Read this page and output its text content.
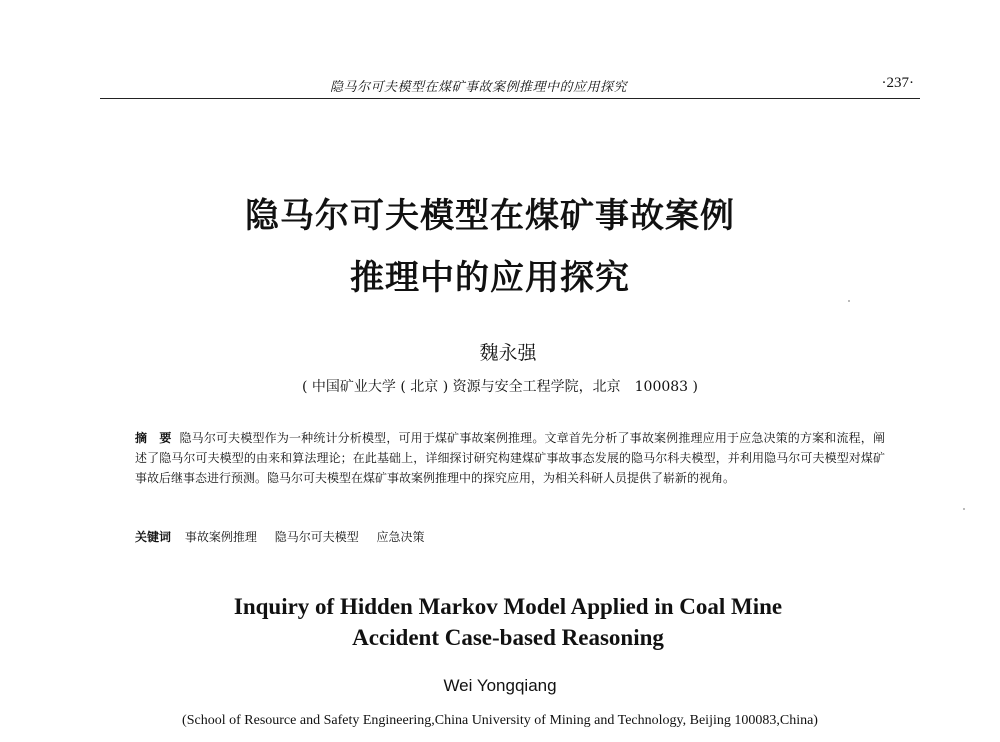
隐马尔可夫模型在煤矿事故案例推理中的应用探究	·237·
隐马尔可夫模型在煤矿事故案例
推理中的应用探究
魏永强
( 中国矿业大学 ( 北京 ) 资源与安全工程学院，北京　100083 )
摘　要 隐马尔可夫模型作为一种统计分析模型，可用于煤矿事故案例推理。文章首先分析了事故案例推理应用于应急决策的方案和流程，阐述了隐马尔可夫模型的由来和算法理论；在此基础上，详细探讨研究构建煤矿事故事态发展的隐马尔科夫模型，并利用隐马尔可夫模型对煤矿事故后继事态进行预测。隐马尔可夫模型在煤矿事故案例推理中的探究应用，为相关科研人员提供了崭新的视角。
关键词 事故案例推理 隐马尔可夫模型 应急决策
Inquiry of Hidden Markov Model Applied in Coal Mine
Accident Case-based Reasoning
Wei Yongqiang
(School of Resource and Safety Engineering,China University of Mining and Technology, Beijing 100083,China)
